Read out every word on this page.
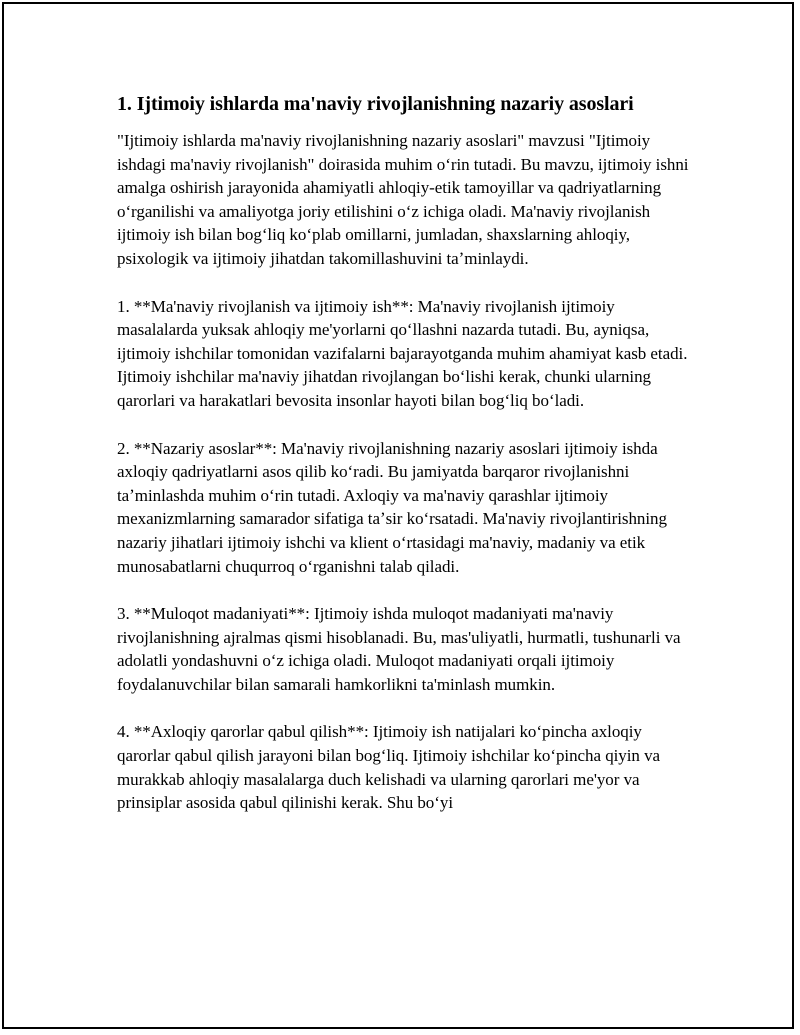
1. Ijtimoiy ishlarda ma'naviy rivojlanishning nazariy asoslari

"Ijtimoiy ishlarda ma'naviy rivojlanishning nazariy asoslari" mavzusi "Ijtimoiy ishdagi ma'naviy rivojlanish" doirasida muhim oʻrin tutadi. Bu mavzu, ijtimoiy ishni amalga oshirish jarayonida ahamiyatli ahloqiy-etik tamoyillar va qadriyatlarning oʻrganilishi va amaliyotga joriy etilishini oʻz ichiga oladi. Ma'naviy rivojlanish ijtimoiy ish bilan bogʻliq koʻplab omillarni, jumladan, shaxslarning ahloqiy, psixologik va ijtimoiy jihatdan takomillashuvini taʼminlaydi.

1. **Ma'naviy rivojlanish va ijtimoiy ish**: Ma'naviy rivojlanish ijtimoiy masalalarda yuksak ahloqiy me'yorlarni qoʻllashni nazarda tutadi. Bu, ayniqsa, ijtimoiy ishchilar tomonidan vazifalarni bajarayotganda muhim ahamiyat kasb etadi. Ijtimoiy ishchilar ma'naviy jihatdan rivojlangan boʻlishi kerak, chunki ularning qarorlari va harakatlari bevosita insonlar hayoti bilan bogʻliq boʻladi.

2. **Nazariy asoslar**: Ma'naviy rivojlanishning nazariy asoslari ijtimoiy ishda axloqiy qadriyatlarni asos qilib koʻradi. Bu jamiyatda barqaror rivojlanishni taʼminlashda muhim oʻrin tutadi. Axloqiy va ma'naviy qarashlar ijtimoiy mexanizmlarning samarador sifatiga taʼsir koʻrsatadi. Ma'naviy rivojlantirishning nazariy jihatlari ijtimoiy ishchi va klient oʻrtasidagi ma'naviy, madaniy va etik munosabatlarni chuqurroq oʻrganishni talab qiladi.

3. **Muloqot madaniyati**: Ijtimoiy ishda muloqot madaniyati ma'naviy rivojlanishning ajralmas qismi hisoblanadi. Bu, mas'uliyatli, hurmatli, tushunarli va adolatli yondashuvni oʻz ichiga oladi. Muloqot madaniyati orqali ijtimoiy foydalanuvchilar bilan samarali hamkorlikni ta'minlash mumkin.

4. **Axloqiy qarorlar qabul qilish**: Ijtimoiy ish natijalari koʻpincha axloqiy qarorlar qabul qilish jarayoni bilan bogʻliq. Ijtimoiy ishchilar koʻpincha qiyin va murakkab ahloqiy masalalarga duch kelishadi va ularning qarorlari me'yor va prinsiplar asosida qabul qilinishi kerak. Shu boʻyi
